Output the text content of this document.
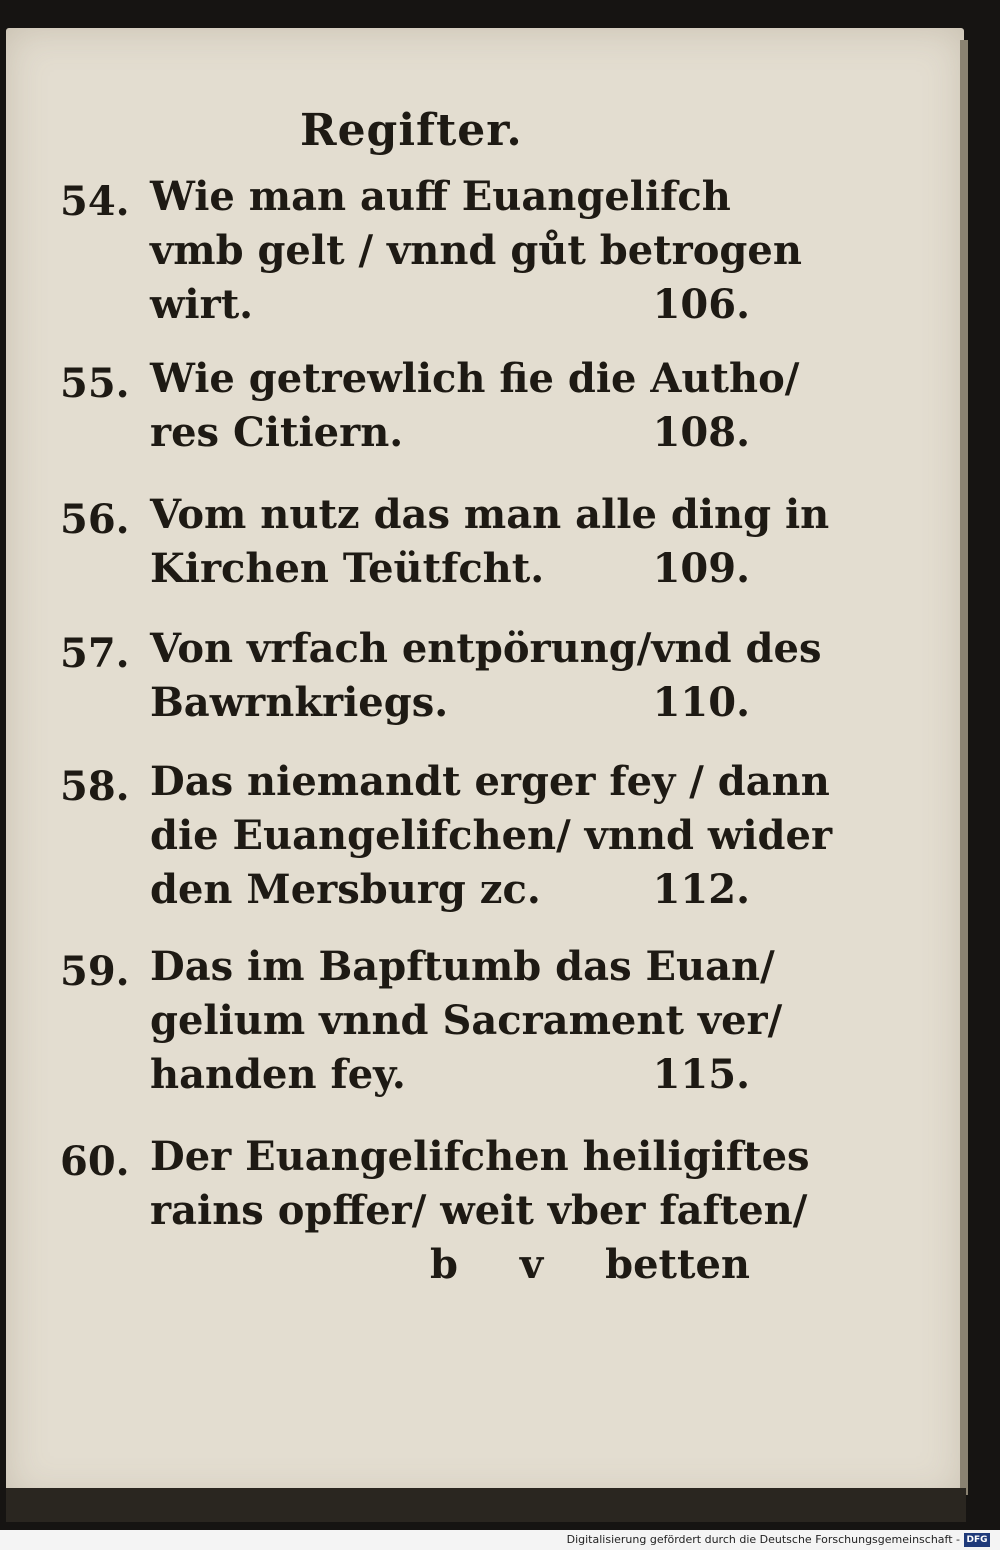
Regifter.
54. Wie man auff Euangelifch
vmb gelt / vnnd gůt betrogen
wirt.	106.
55. Wie getrewlich fie die Autho/
res Citiern.	108.
56. Vom nutz das man alle ding in
Kirchen Teütfcht.	109.
57. Von vrfach entpörung/vnd des
Bawrnkriegs.	110.
58. Das niemandt erger fey / dann
die Euangelifchen/ vnnd wider
den Mersburg zc.	112.
59. Das im Bapftumb das Euan/
gelium vnnd Sacrament ver/
handen fey.	115.
60. Der Euangelifchen heiligiftes
rains opffer/ weit vber faften/
b v betten
Digitalisierung gefördert durch die Deutsche Forschungsgemeinschaft - DFG
